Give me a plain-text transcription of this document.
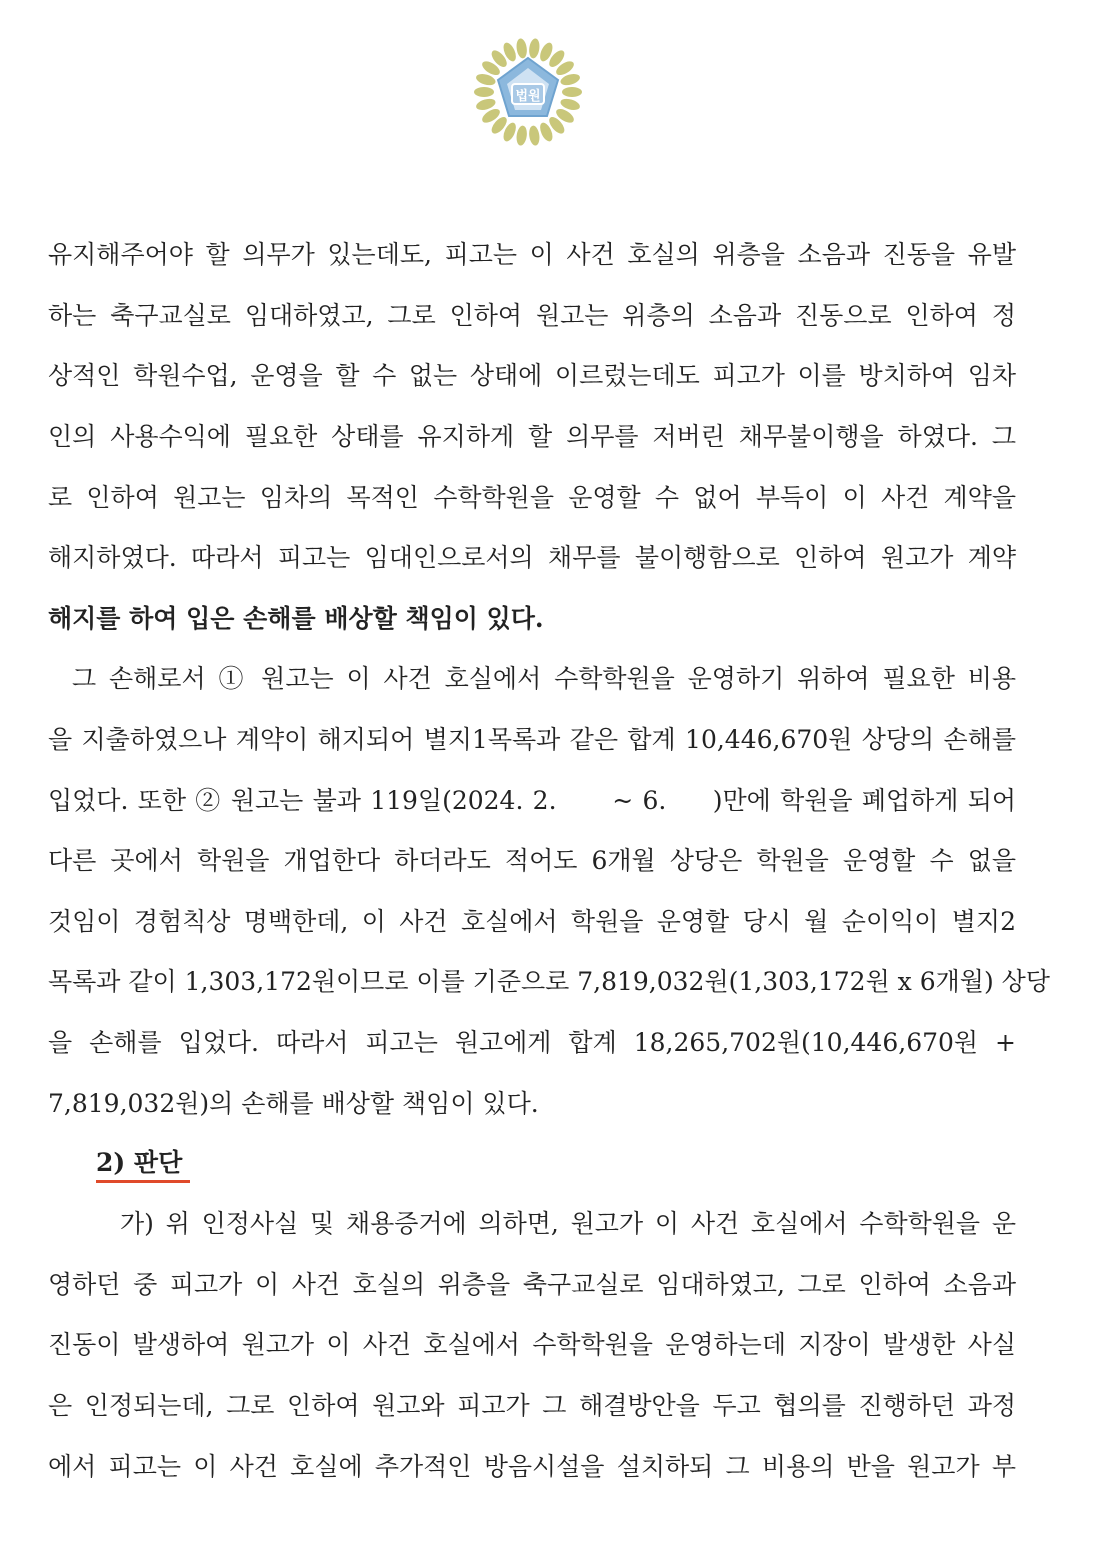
법원
유지해주어야 할 의무가 있는데도, 피고는 이 사건 호실의 위층을 소음과 진동을 유발
하는 축구교실로 임대하였고, 그로 인하여 원고는 위층의 소음과 진동으로 인하여 정
상적인 학원수업, 운영을 할 수 없는 상태에 이르렀는데도 피고가 이를 방치하여 임차
인의 사용수익에 필요한 상태를 유지하게 할 의무를 저버린 채무불이행을 하였다. 그
로 인하여 원고는 임차의 목적인 수학학원을 운영할 수 없어 부득이 이 사건 계약을
해지하였다. 따라서 피고는 임대인으로서의 채무를 불이행함으로 인하여 원고가 계약
해지를 하여 입은 손해를 배상할 책임이 있다.
그 손해로서 ① 원고는 이 사건 호실에서 수학학원을 운영하기 위하여 필요한 비용
을 지출하였으나 계약이 해지되어 별지1목록과 같은 합계 10,446,670원 상당의 손해를
입었다. 또한 ② 원고는 불과 119일(2024. 2.      ~ 6.     )만에 학원을 폐업하게 되어
다른 곳에서 학원을 개업한다 하더라도 적어도 6개월 상당은 학원을 운영할 수 없을
것임이 경험칙상 명백한데, 이 사건 호실에서 학원을 운영할 당시 월 순이익이 별지2
목록과 같이 1,303,172원이므로 이를 기준으로 7,819,032원(1,303,172원 x 6개월) 상당
을 손해를 입었다. 따라서 피고는 원고에게 합계 18,265,702원(10,446,670원 +
7,819,032원)의 손해를 배상할 책임이 있다.
2) 판단
가) 위 인정사실 및 채용증거에 의하면, 원고가 이 사건 호실에서 수학학원을 운
영하던 중 피고가 이 사건 호실의 위층을 축구교실로 임대하였고, 그로 인하여 소음과
진동이 발생하여 원고가 이 사건 호실에서 수학학원을 운영하는데 지장이 발생한 사실
은 인정되는데, 그로 인하여 원고와 피고가 그 해결방안을 두고 협의를 진행하던 과정
에서 피고는 이 사건 호실에 추가적인 방음시설을 설치하되 그 비용의 반을 원고가 부
